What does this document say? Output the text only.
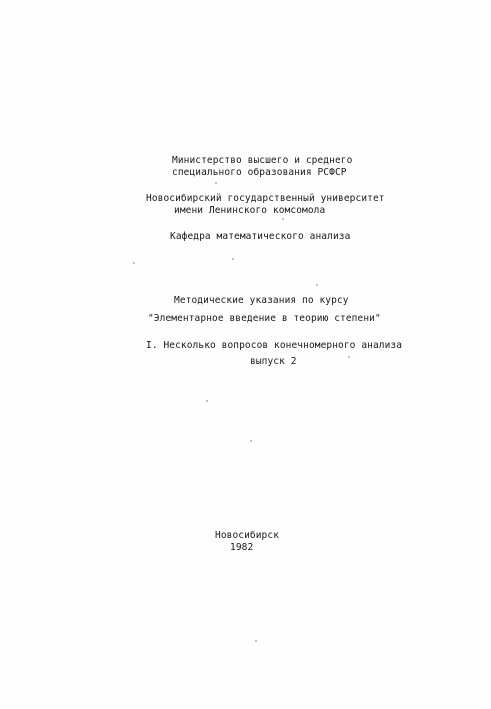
Министерство высшего и среднего
специального образования РСФСР
Новосибирский государственный университет
имени Ленинского комсомола
Кафедра математического анализа
Методические указания по курсу
"Элементарное введение в теорию степени"
I. Несколько вопросов конечномерного анализа
выпуск 2
Новосибирск
1982
